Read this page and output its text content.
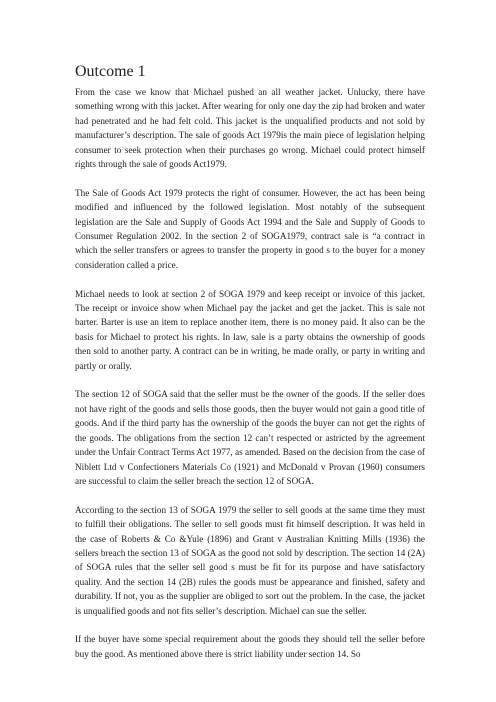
Outcome 1

From the case we know that Michael pushed an all weather jacket. Unlucky, there have something wrong with this jacket. After wearing for only one day the zip had broken and water had penetrated and he had felt cold. This jacket is the unqualified products and not sold by manufacturer’s description. The sale of goods Act 1979is the main piece of legislation helping consumer to seek protection when their purchases go wrong. Michael could protect himself rights through the sale of goods Act1979.

The Sale of Goods Act 1979 protects the right of consumer. However, the act has been being modified and influenced by the followed legislation. Most notably of the subsequent legislation are the Sale and Supply of Goods Act 1994 and the Sale and Supply of Goods to Consumer Regulation 2002. In the section 2 of SOGA1979, contract sale is “a contract in which the seller transfers or agrees to transfer the property in good s to the buyer for a money consideration called a price.

Michael needs to look at section 2 of SOGA 1979 and keep receipt or invoice of this jacket. The receipt or invoice show when Michael pay the jacket and get the jacket. This is sale not barter. Barter is use an item to replace another item, there is no money paid. It also can be the basis for Michael to protect his rights. In law, sale is a party obtains the ownership of goods then sold to another party. A contract can be in writing, be made orally, or party in writing and partly or orally.

The section 12 of SOGA said that the seller must be the owner of the goods. If the seller does not have right of the goods and sells those goods, then the buyer would not gain a good title of goods. And if the third party has the ownership of the goods the buyer can not get the rights of the goods. The obligations from the section 12 can’t respected or astricted by the agreement under the Unfair Contract Terms Act 1977, as amended. Based on the decision from the case of Niblett Ltd v Confectioners Materials Co (1921) and McDonald v Provan (1960) consumers are successful to claim the seller breach the section 12 of SOGA.

According to the section 13 of SOGA 1979 the seller to sell goods at the same time they must to fulfill their obligations. The seller to sell goods must fit himself description. It was held in the case of Roberts & Co &Yule (1896) and Grant v Australian Knitting Mills (1936) the sellers breach the section 13 of SOGA as the good not sold by description. The section 14 (2A) of SOGA rules that the seller sell good s must be fit for its purpose and have satisfactory quality. And the section 14 (2B) rules the goods must be appearance and finished, safety and durability. If not, you as the supplier are obliged to sort out the problem. In the case, the jacket is unqualified goods and not fits seller’s description. Michael can sue the seller.

If the buyer have some special requirement about the goods they should tell the seller before buy the good. As mentioned above there is strict liability under section 14. So
